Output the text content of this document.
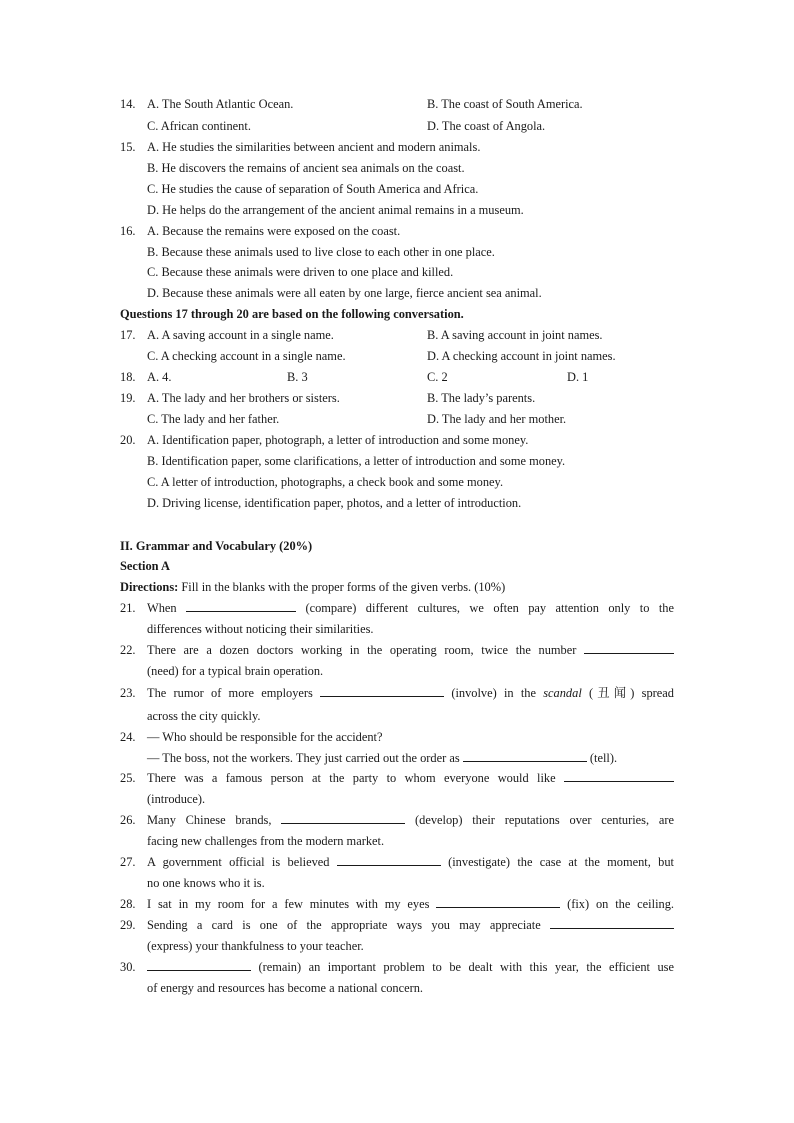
14. A. The South Atlantic Ocean.	B. The coast of South America.
C. African continent.	D. The coast of Angola.
15. A. He studies the similarities between ancient and modern animals.
B. He discovers the remains of ancient sea animals on the coast.
C. He studies the cause of separation of South America and Africa.
D. He helps do the arrangement of the ancient animal remains in a museum.
16. A. Because the remains were exposed on the coast.
B. Because these animals used to live close to each other in one place.
C. Because these animals were driven to one place and killed.
D. Because these animals were all eaten by one large, fierce ancient sea animal.
Questions 17 through 20 are based on the following conversation.
17. A. A saving account in a single name.	B. A saving account in joint names.
C. A checking account in a single name.	D. A checking account in joint names.
18. A. 4.	B. 3	C. 2	D. 1
19. A. The lady and her brothers or sisters.	B. The lady’s parents.
C. The lady and her father.	D. The lady and her mother.
20. A. Identification paper, photograph, a letter of introduction and some money.
B. Identification paper, some clarifications, a letter of introduction and some money.
C. A letter of introduction, photographs, a check book and some money.
D. Driving license, identification paper, photos, and a letter of introduction.
II. Grammar and Vocabulary (20%)
Section A
Directions: Fill in the blanks with the proper forms of the given verbs. (10%)
21. When	(compare) different cultures, we often pay attention only to the
differences without noticing their similarities.
22. There are a dozen doctors working in the operating room, twice the number
(need) for a typical brain operation.
23. The rumor of more employers	(involve) in the scandal (丑闻) spread
across the city quickly.
24. — Who should be responsible for the accident?
— The boss, not the workers. They just carried out the order as	(tell).
25. There was a famous person at the party to whom everyone would like
(introduce).
26. Many Chinese brands,	(develop) their reputations over centuries, are
facing new challenges from the modern market.
27. A government official is believed	(investigate) the case at the moment, but
no one knows who it is.
28. I sat in my room for a few minutes with my eyes	(fix) on the ceiling.
29. Sending a card is one of the appropriate ways you may appreciate
(express) your thankfulness to your teacher.
30.	(remain) an important problem to be dealt with this year, the efficient use
of energy and resources has become a national concern.
